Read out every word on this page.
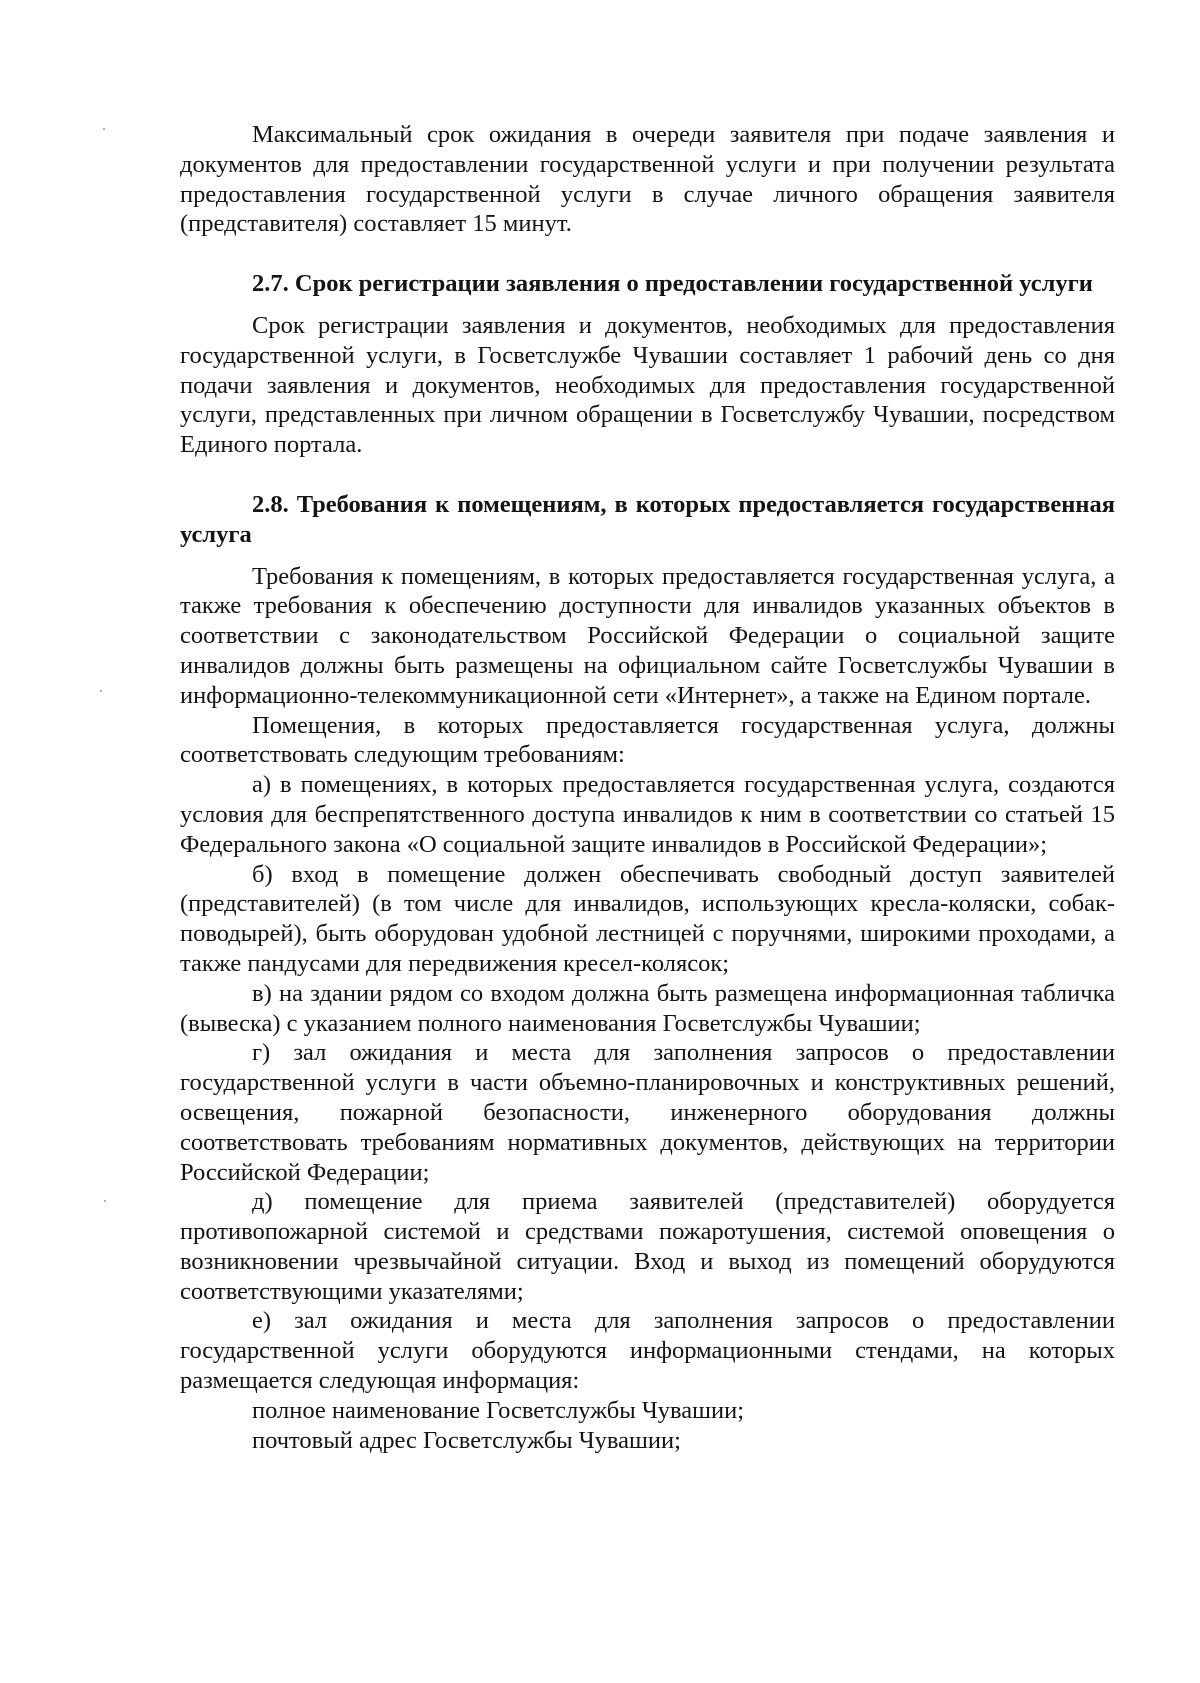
Максимальный срок ожидания в очереди заявителя при подаче заявления и документов для предоставлении государственной услуги и при получении результата предоставления государственной услуги в случае личного обращения заявителя (представителя) составляет 15 минут.

2.7. Срок регистрации заявления о предоставлении государственной услуги

Срок регистрации заявления и документов, необходимых для предоставления государственной услуги, в Госветслужбе Чувашии составляет 1 рабочий день со дня подачи заявления и документов, необходимых для предоставления государственной услуги, представленных при личном обращении в Госветслужбу Чувашии, посредством Единого портала.

2.8. Требования к помещениям, в которых предоставляется государственная услуга

Требования к помещениям, в которых предоставляется государственная услуга, а также требования к обеспечению доступности для инвалидов указанных объектов в соответствии с законодательством Российской Федерации о социальной защите инвалидов должны быть размещены на официальном сайте Госветслужбы Чувашии в информационно-телекоммуникационной сети «Интернет», а также на Едином портале.

Помещения, в которых предоставляется государственная услуга, должны соответствовать следующим требованиям:

а) в помещениях, в которых предоставляется государственная услуга, создаются условия для беспрепятственного доступа инвалидов к ним в соответствии со статьей 15 Федерального закона «О социальной защите инвалидов в Российской Федерации»;

б) вход в помещение должен обеспечивать свободный доступ заявителей (представителей) (в том числе для инвалидов, использующих кресла-коляски, собак-поводырей), быть оборудован удобной лестницей с поручнями, широкими проходами, а также пандусами для передвижения кресел-колясок;

в) на здании рядом со входом должна быть размещена информационная табличка (вывеска) с указанием полного наименования Госветслужбы Чувашии;

г) зал ожидания и места для заполнения запросов о предоставлении государственной услуги в части объемно-планировочных и конструктивных решений, освещения, пожарной безопасности, инженерного оборудования должны соответствовать требованиям нормативных документов, действующих на территории Российской Федерации;

д) помещение для приема заявителей (представителей) оборудуется противопожарной системой и средствами пожаротушения, системой оповещения о возникновении чрезвычайной ситуации. Вход и выход из помещений оборудуются соответствующими указателями;

е) зал ожидания и места для заполнения запросов о предоставлении государственной услуги оборудуются информационными стендами, на которых размещается следующая информация:

полное наименование Госветслужбы Чувашии;

почтовый адрес Госветслужбы Чувашии;
